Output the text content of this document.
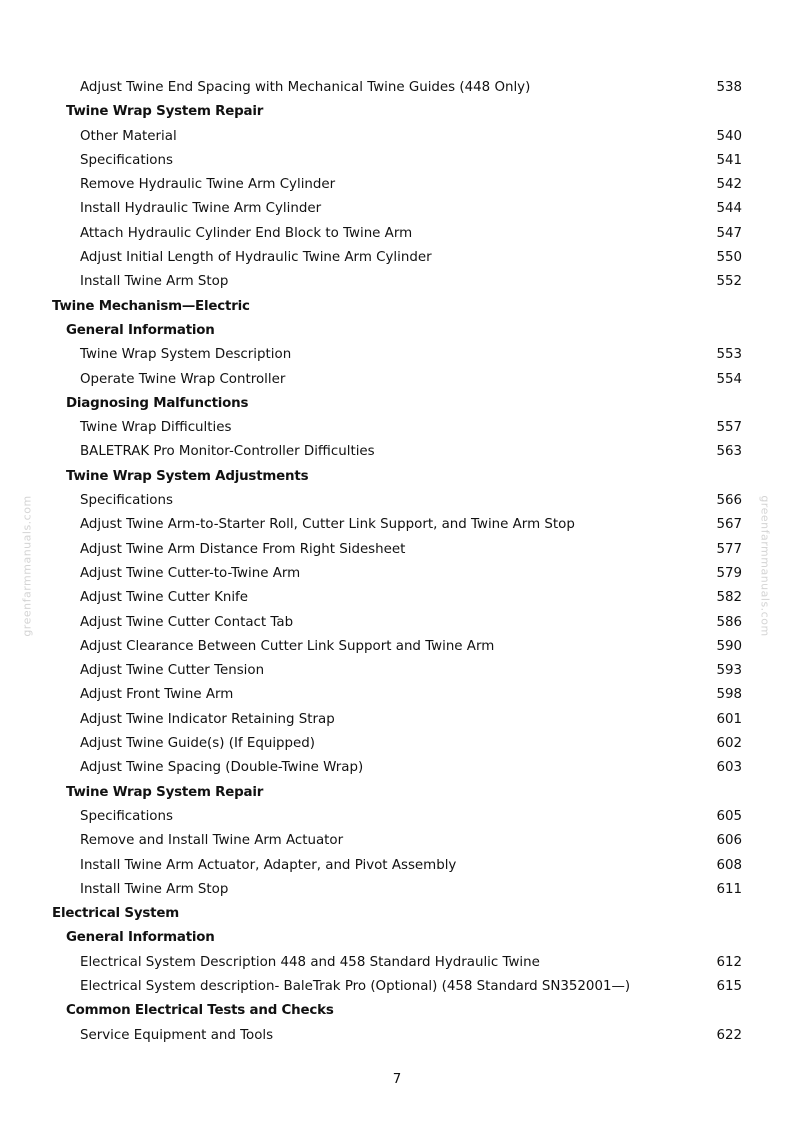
Adjust Twine End Spacing with Mechanical Twine Guides (448 Only)	538
Twine Wrap System Repair
Other Material	540
Specifications	541
Remove Hydraulic Twine Arm Cylinder	542
Install Hydraulic Twine Arm Cylinder	544
Attach Hydraulic Cylinder End Block to Twine Arm	547
Adjust Initial Length of Hydraulic Twine Arm Cylinder	550
Install Twine Arm Stop	552
Twine Mechanism—Electric
General Information
Twine Wrap System Description	553
Operate Twine Wrap Controller	554
Diagnosing Malfunctions
Twine Wrap Difficulties	557
BALETRAK Pro Monitor-Controller Difficulties	563
Twine Wrap System Adjustments
Specifications	566
Adjust Twine Arm-to-Starter Roll, Cutter Link Support, and Twine Arm Stop	567
Adjust Twine Arm Distance From Right Sidesheet	577
Adjust Twine Cutter-to-Twine Arm	579
Adjust Twine Cutter Knife	582
Adjust Twine Cutter Contact Tab	586
Adjust Clearance Between Cutter Link Support and Twine Arm	590
Adjust Twine Cutter Tension	593
Adjust Front Twine Arm	598
Adjust Twine Indicator Retaining Strap	601
Adjust Twine Guide(s) (If Equipped)	602
Adjust Twine Spacing (Double-Twine Wrap)	603
Twine Wrap System Repair
Specifications	605
Remove and Install Twine Arm Actuator	606
Install Twine Arm Actuator, Adapter, and Pivot Assembly	608
Install Twine Arm Stop	611
Electrical System
General Information
Electrical System Description 448 and 458 Standard Hydraulic Twine	612
Electrical System description- BaleTrak Pro (Optional) (458 Standard SN352001—)	615
Common Electrical Tests and Checks
Service Equipment and Tools	622
7
greenfarmmanuals.com	greenfarmmanuals.com
